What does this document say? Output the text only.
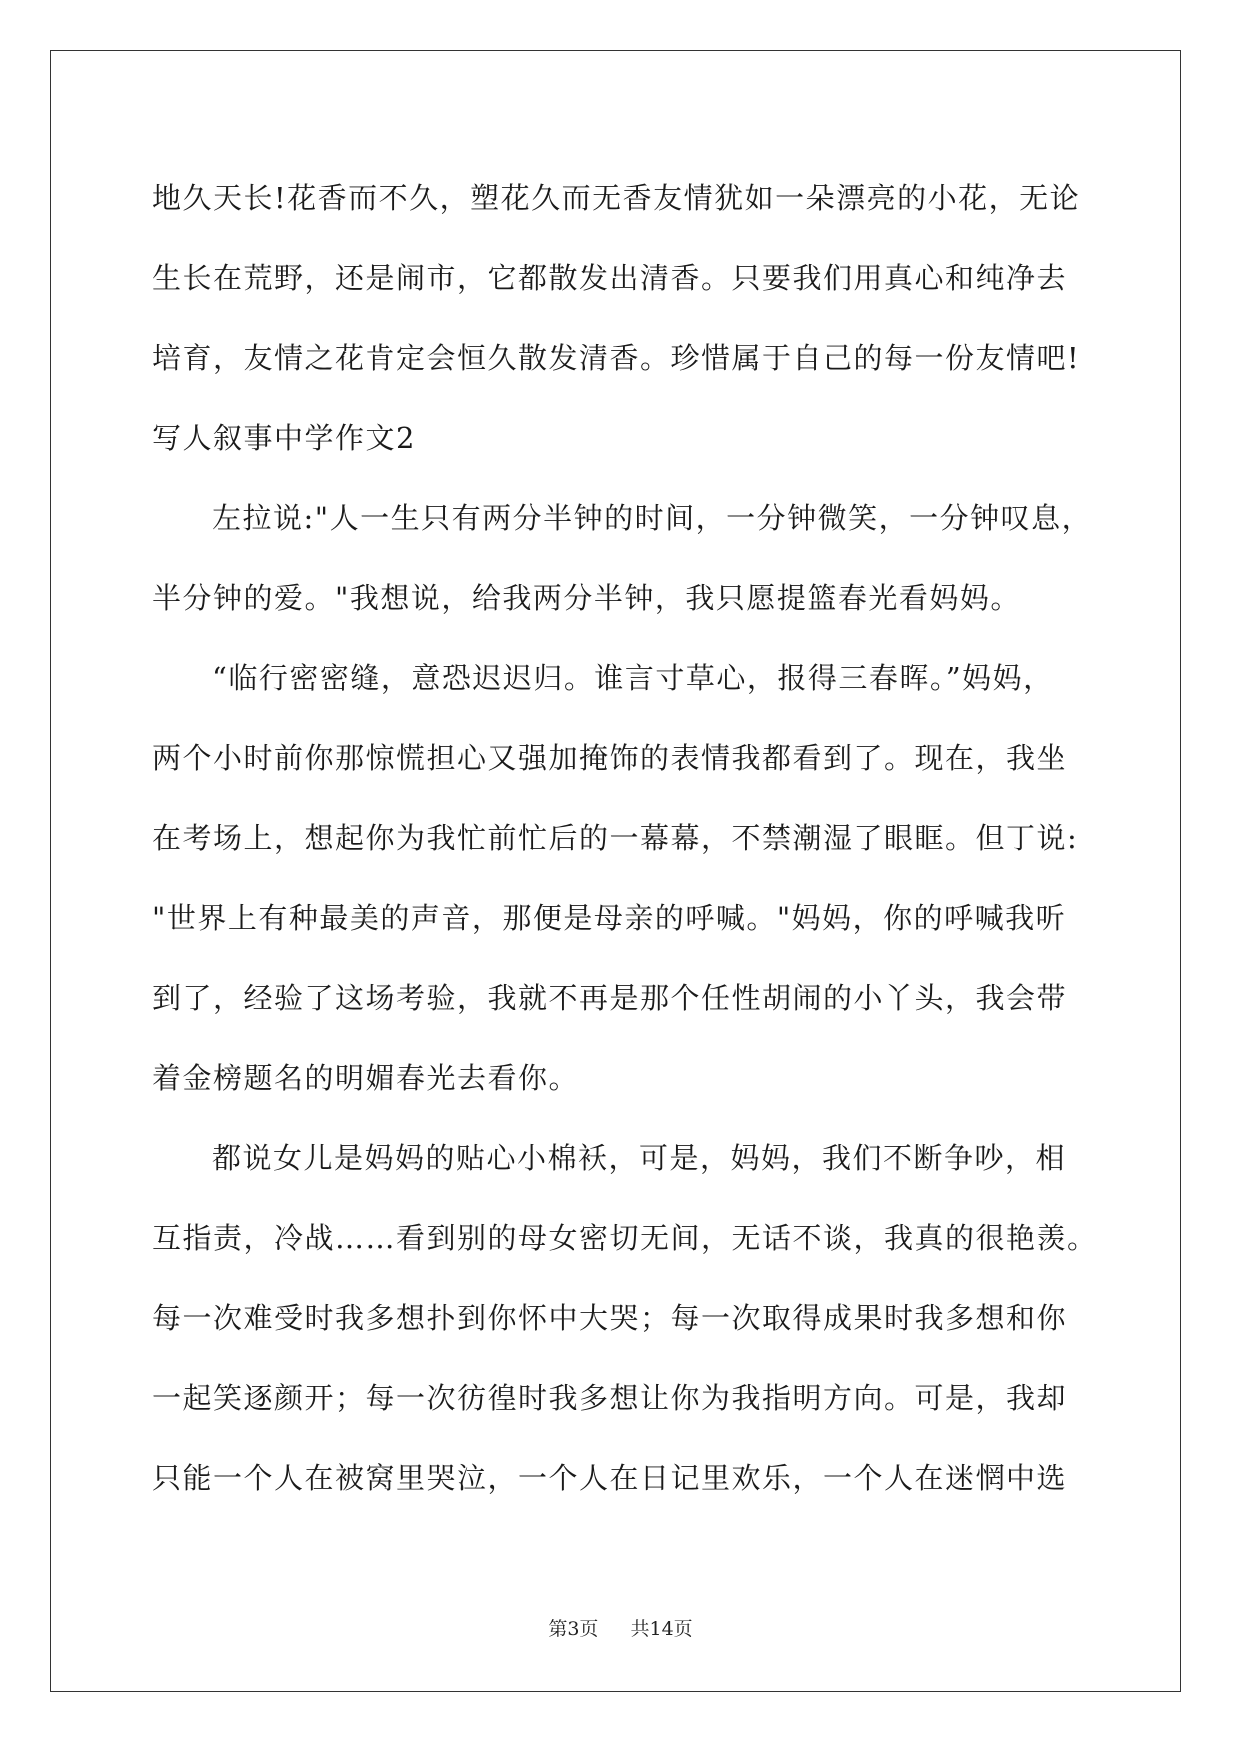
地久天长!花香而不久，塑花久而无香友情犹如一朵漂亮的小花，无论
生长在荒野，还是闹市，它都散发出清香。只要我们用真心和纯净去
培育，友情之花肯定会恒久散发清香。珍惜属于自己的每一份友情吧!
写人叙事中学作文2
左拉说:"人一生只有两分半钟的时间，一分钟微笑，一分钟叹息，
半分钟的爱。"我想说，给我两分半钟，我只愿提篮春光看妈妈。
“临行密密缝，意恐迟迟归。谁言寸草心，报得三春晖。”妈妈，
两个小时前你那惊慌担心又强加掩饰的表情我都看到了。现在，我坐
在考场上，想起你为我忙前忙后的一幕幕，不禁潮湿了眼眶。但丁说:
"世界上有种最美的声音，那便是母亲的呼喊。"妈妈，你的呼喊我听
到了，经验了这场考验，我就不再是那个任性胡闹的小丫头，我会带
着金榜题名的明媚春光去看你。
都说女儿是妈妈的贴心小棉袄，可是，妈妈，我们不断争吵，相
互指责，冷战……看到别的母女密切无间，无话不谈，我真的很艳羡。
每一次难受时我多想扑到你怀中大哭；每一次取得成果时我多想和你
一起笑逐颜开；每一次彷徨时我多想让你为我指明方向。可是，我却
只能一个人在被窝里哭泣，一个人在日记里欢乐，一个人在迷惘中选
第3页 共14页
